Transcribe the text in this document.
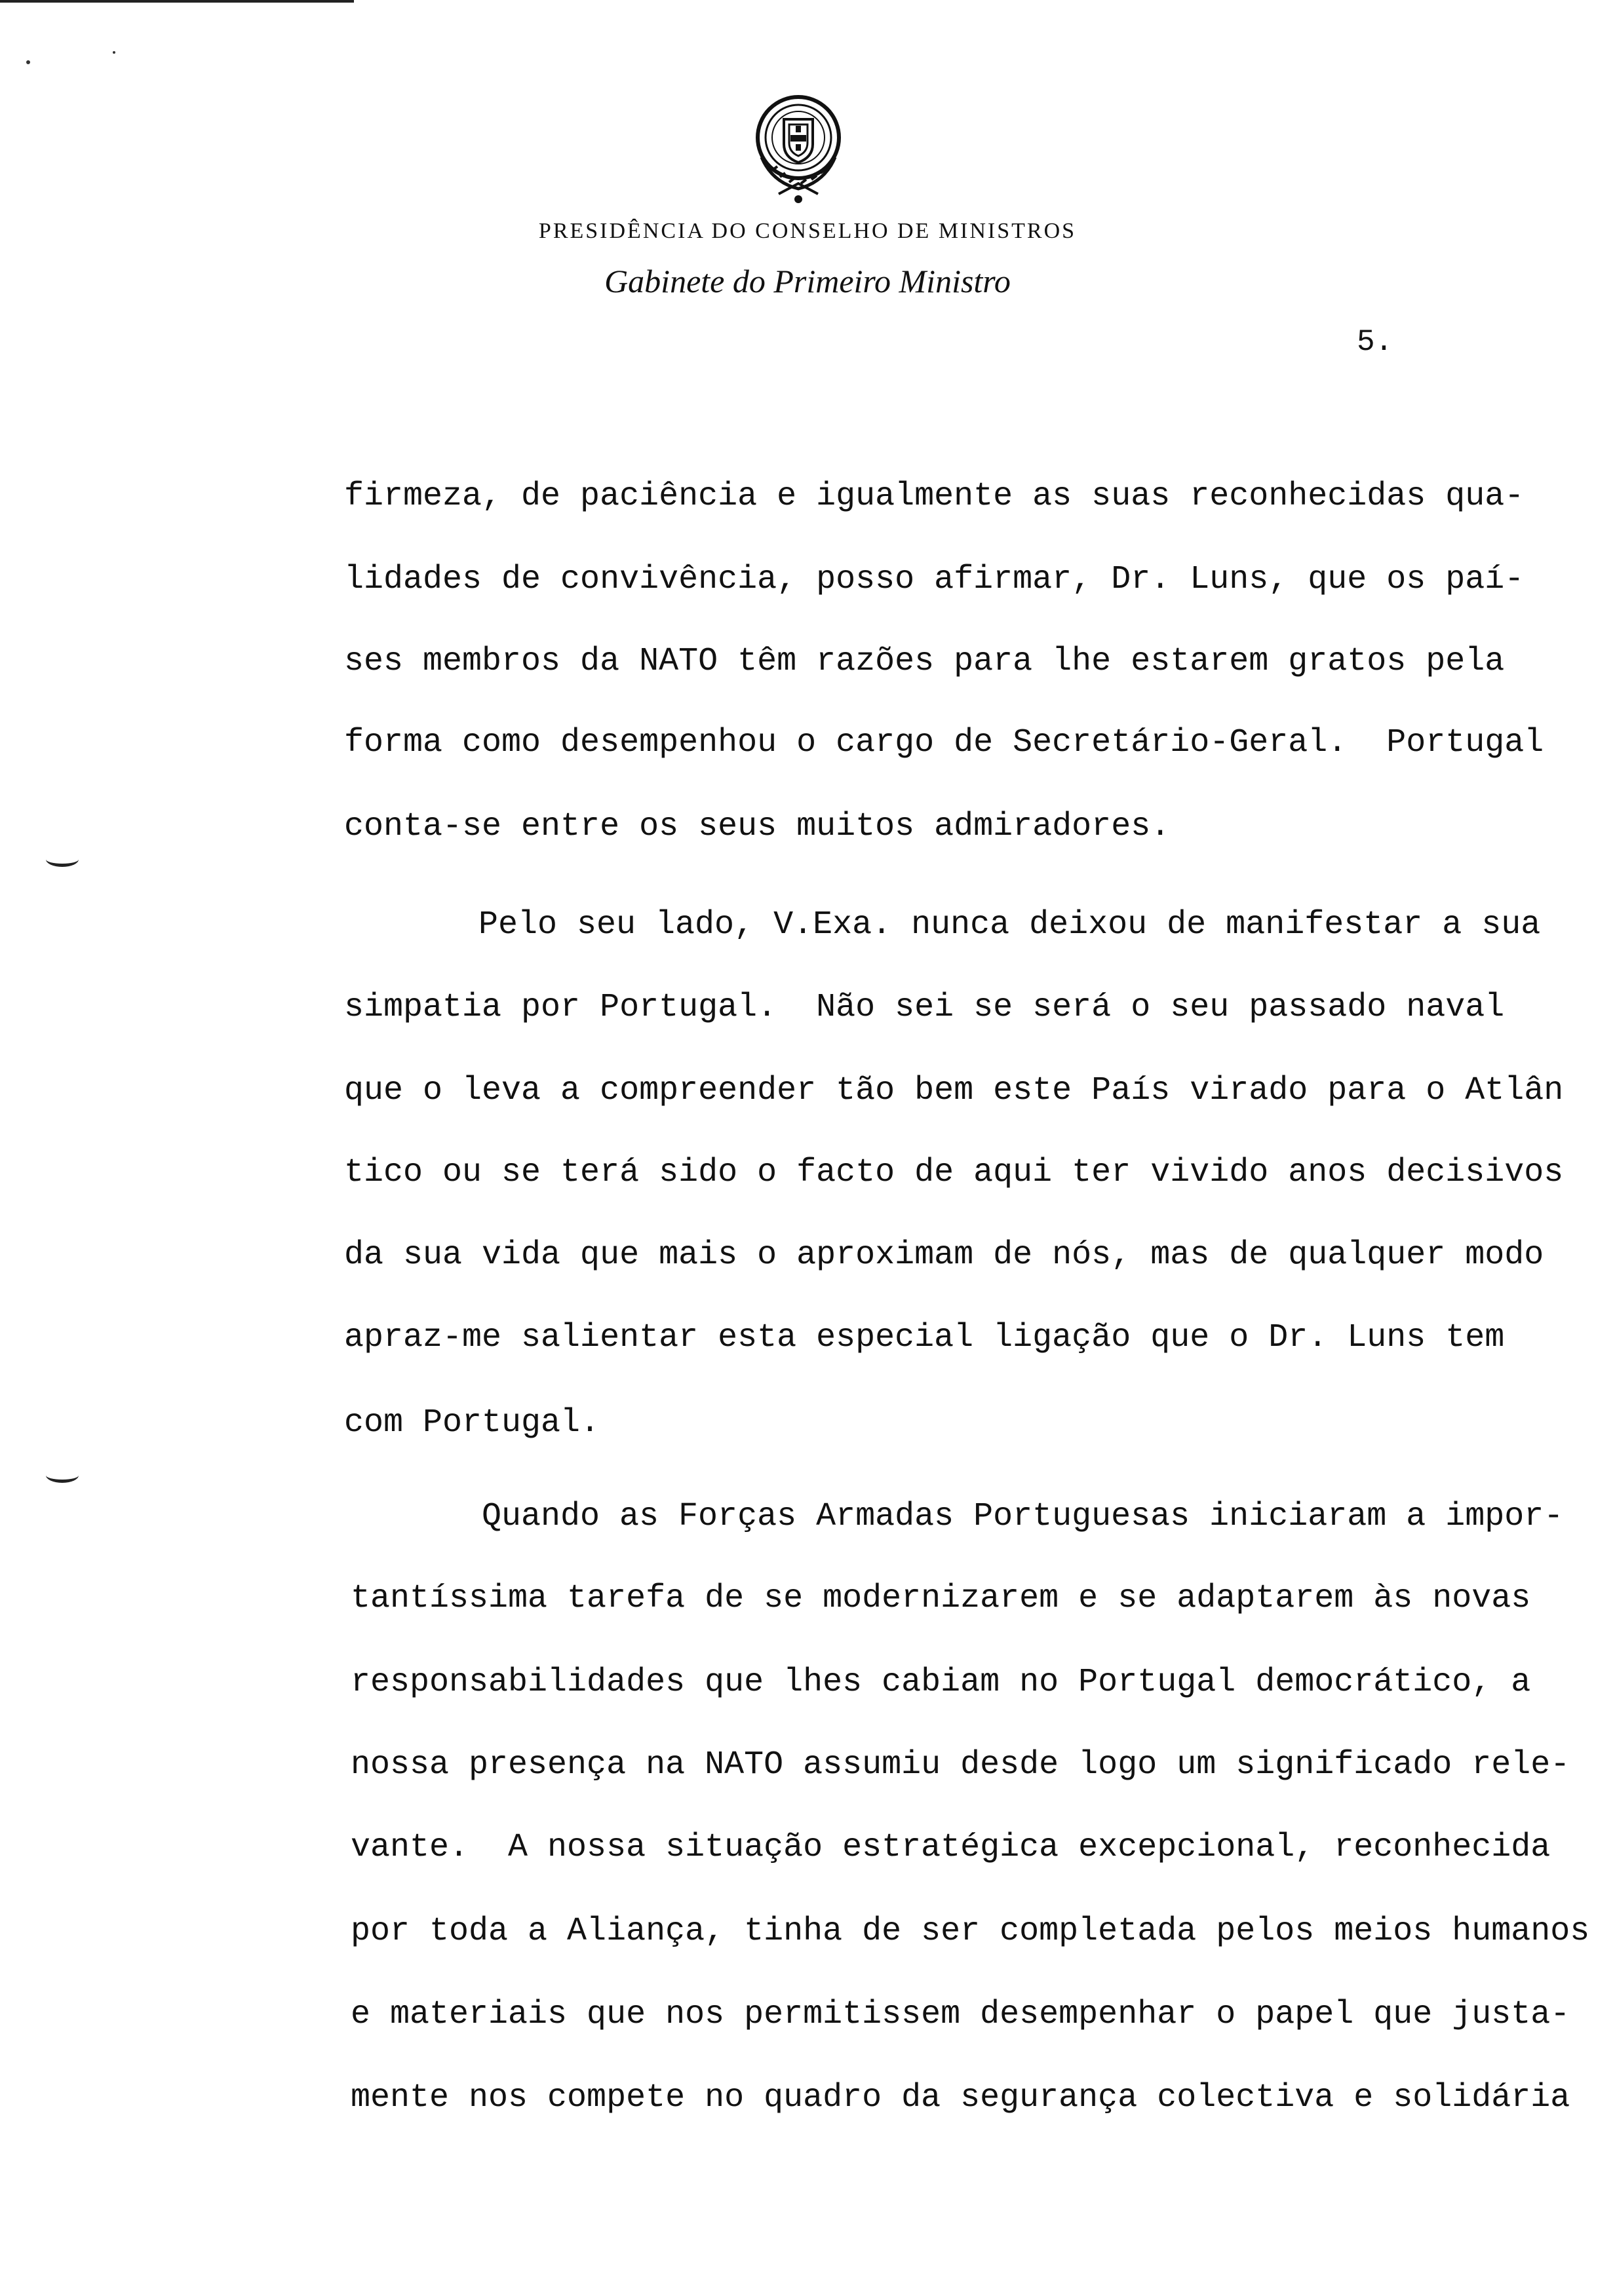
PRESIDÊNCIA DO CONSELHO DE MINISTROS
Gabinete do Primeiro Ministro
5.
firmeza, de paciência e igualmente as suas reconhecidas qua-
lidades de convivência, posso afirmar, Dr. Luns, que os paí-
ses membros da NATO têm razões para lhe estarem gratos pela
forma como desempenhou o cargo de Secretário-Geral.  Portugal
conta-se entre os seus muitos admiradores.
Pelo seu lado, V.Exa. nunca deixou de manifestar a sua
simpatia por Portugal.  Não sei se será o seu passado naval
que o leva a compreender tão bem este País virado para o Atlân
tico ou se terá sido o facto de aqui ter vivido anos decisivos
da sua vida que mais o aproximam de nós, mas de qualquer modo
apraz-me salientar esta especial ligação que o Dr. Luns tem
com Portugal.
Quando as Forças Armadas Portuguesas iniciaram a impor-
tantíssima tarefa de se modernizarem e se adaptarem às novas
responsabilidades que lhes cabiam no Portugal democrático, a
nossa presença na NATO assumiu desde logo um significado rele-
vante.  A nossa situação estratégica excepcional, reconhecida
por toda a Aliança, tinha de ser completada pelos meios humanos
e materiais que nos permitissem desempenhar o papel que justa-
mente nos compete no quadro da segurança colectiva e solidária
